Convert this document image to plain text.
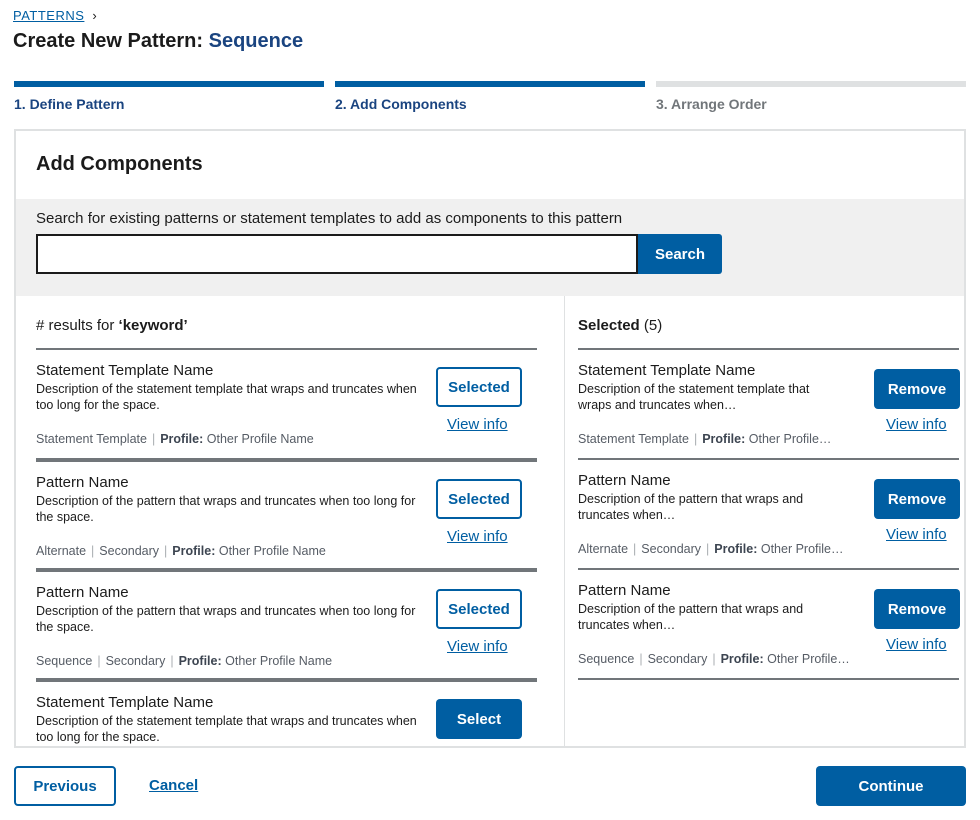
PATTERNS ›
Create New Pattern: Sequence
1. Define Pattern	2. Add Components	3. Arrange Order
Add Components
Search for existing patterns or statement templates to add as components to this pattern
Search
# results for ‘keyword’	Selected (5)
Statement Template Name
Description of the statement template that wraps and truncates when too long for the space.
Statement Template | Profile: Other Profile Name
Selected
View info
Pattern Name
Description of the pattern that wraps and truncates when too long for the space.
Alternate | Secondary | Profile: Other Profile Name
Selected
View info
Pattern Name
Description of the pattern that wraps and truncates when too long for the space.
Sequence | Secondary | Profile: Other Profile Name
Selected
View info
Statement Template Name
Description of the statement template that wraps and truncates when too long for the space.
Select
Statement Template Name
Description of the statement template that wraps and truncates when…
Statement Template | Profile: Other Profile…
Remove
View info
Pattern Name
Description of the pattern that wraps and truncates when…
Alternate | Secondary | Profile: Other Profile…
Remove
View info
Pattern Name
Description of the pattern that wraps and truncates when…
Sequence | Secondary | Profile: Other Profile…
Remove
View info
Previous	Cancel	Continue
